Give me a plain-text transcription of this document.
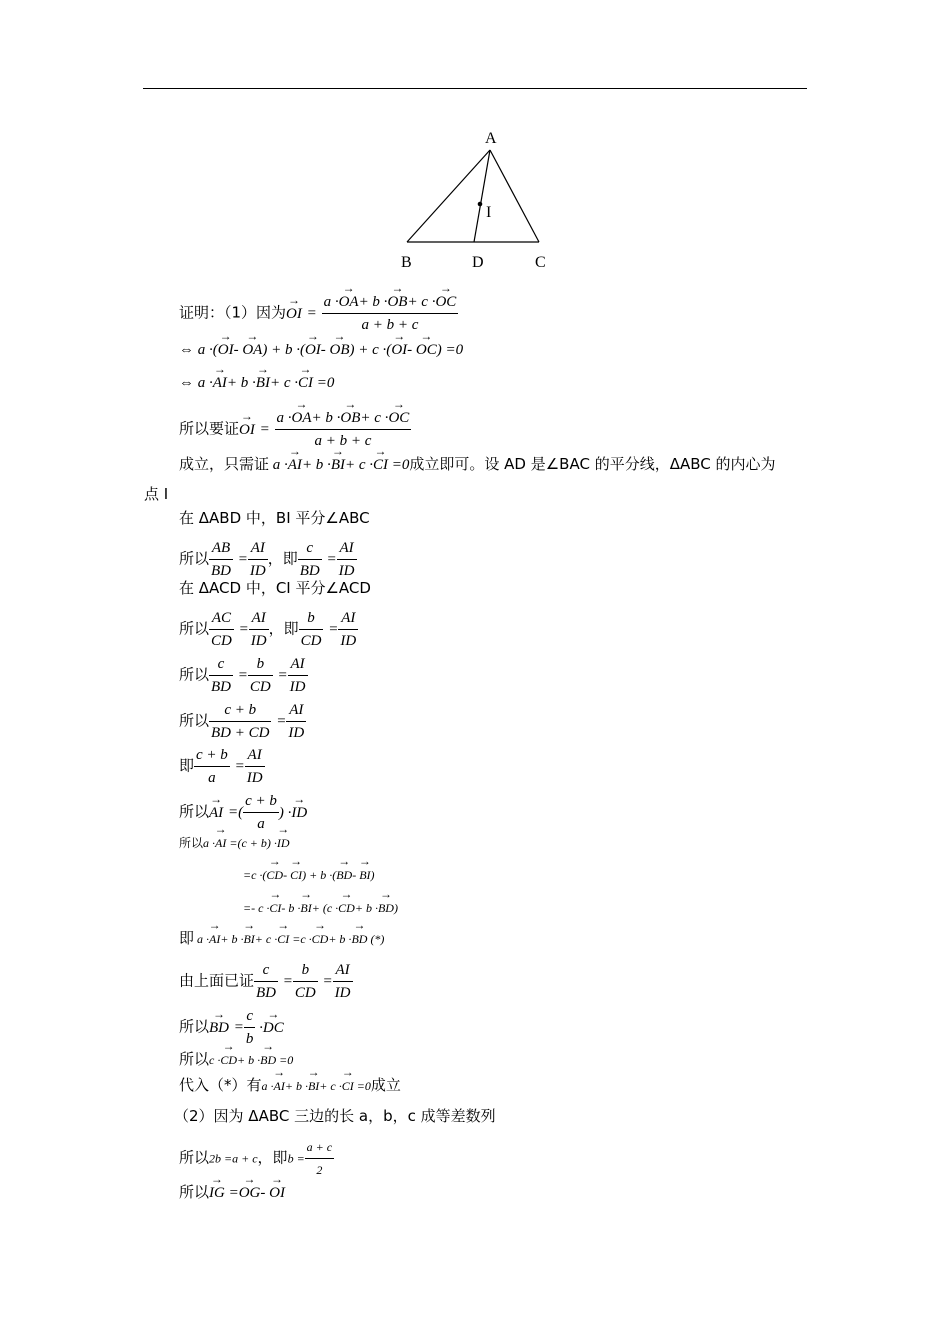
A
I
B	D	C
证明：（1）因为→ OI = $\frac{a \cdot\to OA+ b \cdot\to OB+ c \cdot\to OC}{a + b + c}$
⇔ a ·(→ OI- → OA) + b ·(→ OI- → OB) + c ·(→ OI- → OC) =0
⇔ a ·→ AI+ b ·→ BI+ c ·→ CI =0
所以要证→ OI = $\frac{a \cdot\to OA+ b \cdot\to OB+ c \cdot\to OC}{a + b + c}$
成立，只需证 a ·→ AI+ b ·→ BI+ c ·→ CI =0成立即可。设 AD 是∠BAC 的平分线，ΔABC 的内心为
点 I
在 ΔABD 中，BI 平分∠ABC
所以 $\frac{AB}{BD} = \frac{AI}{ID}$ ，即 $\frac{c}{BD} = \frac{AI}{ID}$
在 ΔACD 中，CI 平分∠ACD
所以 $\frac{AC}{CD} = \frac{AI}{ID}$ ，即 $\frac{b}{CD} = \frac{AI}{ID}$
所以 $\frac{c}{BD} = \frac{b}{CD} = \frac{AI}{ID}$
所以 $\frac{c + b}{BD + CD} = \frac{AI}{ID}$
即 $\frac{c + b}{a} = \frac{AI}{ID}$
所以→ AI =( $\frac{c + b}{a}$ ) ·→ ID
所以a ·→ AI =(c + b) ·→ ID
=c ·(→ CD- → CI) + b ·(→ BD- → BI)
=- c ·→ CI- b ·→ BI+ (c ·→ CD+ b ·→ BD)
即 a ·→ AI+ b ·→ BI+ c ·→ CI =c ·→ CD+ b ·→ BD (*)
由上面已证 $\frac{c}{BD} = \frac{b}{CD} = \frac{AI}{ID}$
所以→ BD = $\frac{c}{b}$ ·→ DC
所以c ·→ CD+ b ·→ BD =0
代入（*）有a ·→ AI+ b ·→ BI+ c ·→ CI =0成立
（2）因为 ΔABC 三边的长 a，b，c 成等差数列
所以2b =a + c，即$b = \frac{a + c}{2}$
所以→ IG =→ OG- → OI
